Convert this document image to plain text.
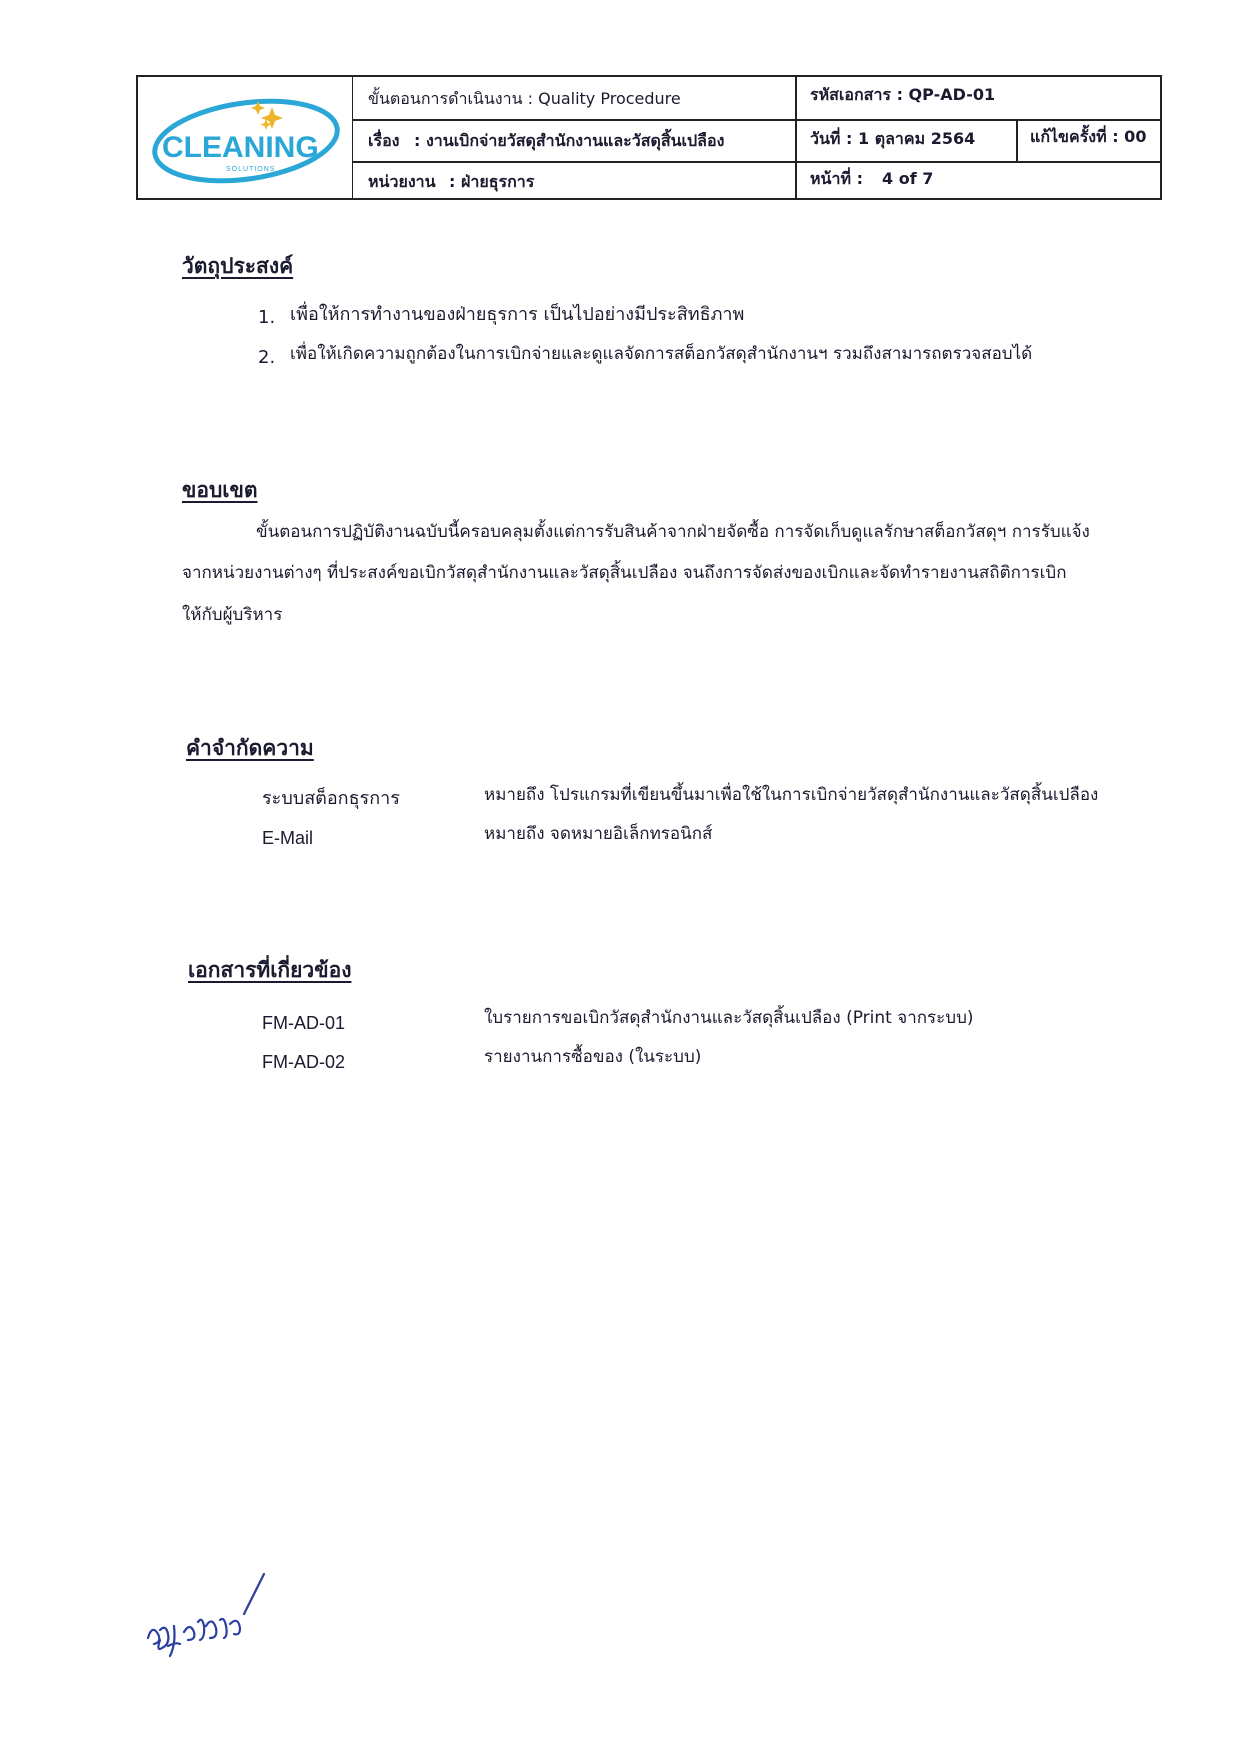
CLEANING
SOLUTIONS
ขั้นตอนการดำเนินงาน : Quality Procedure	รหัสเอกสาร : QP-AD-01
เรื่อง : งานเบิกจ่ายวัสดุสำนักงานและวัสดุสิ้นเปลือง	วันที่ : 1 ตุลาคม 2564	แก้ไขครั้งที่ : 00
หน่วยงาน : ฝ่ายธุรการ	หน้าที่ : 4 of 7
วัตถุประสงค์
1. เพื่อให้การทำงานของฝ่ายธุรการ เป็นไปอย่างมีประสิทธิภาพ
2. เพื่อให้เกิดความถูกต้องในการเบิกจ่ายและดูแลจัดการสต็อกวัสดุสำนักงานฯ รวมถึงสามารถตรวจสอบได้
ขอบเขต
ขั้นตอนการปฏิบัติงานฉบับนี้ครอบคลุมตั้งแต่การรับสินค้าจากฝ่ายจัดซื้อ การจัดเก็บดูแลรักษาสต็อกวัสดุฯ การรับแจ้ง
จากหน่วยงานต่างๆ ที่ประสงค์ขอเบิกวัสดุสำนักงานและวัสดุสิ้นเปลือง จนถึงการจัดส่งของเบิกและจัดทำรายงานสถิติการเบิก
ให้กับผู้บริหาร
คำจำกัดความ
ระบบสต็อกธุรการ	หมายถึง โปรแกรมที่เขียนขึ้นมาเพื่อใช้ในการเบิกจ่ายวัสดุสำนักงานและวัสดุสิ้นเปลือง
E-Mail	หมายถึง จดหมายอิเล็กทรอนิกส์
เอกสารที่เกี่ยวข้อง
FM-AD-01	ใบรายการขอเบิกวัสดุสำนักงานและวัสดุสิ้นเปลือง (Print จากระบบ)
FM-AD-02	รายงานการซื้อของ (ในระบบ)
